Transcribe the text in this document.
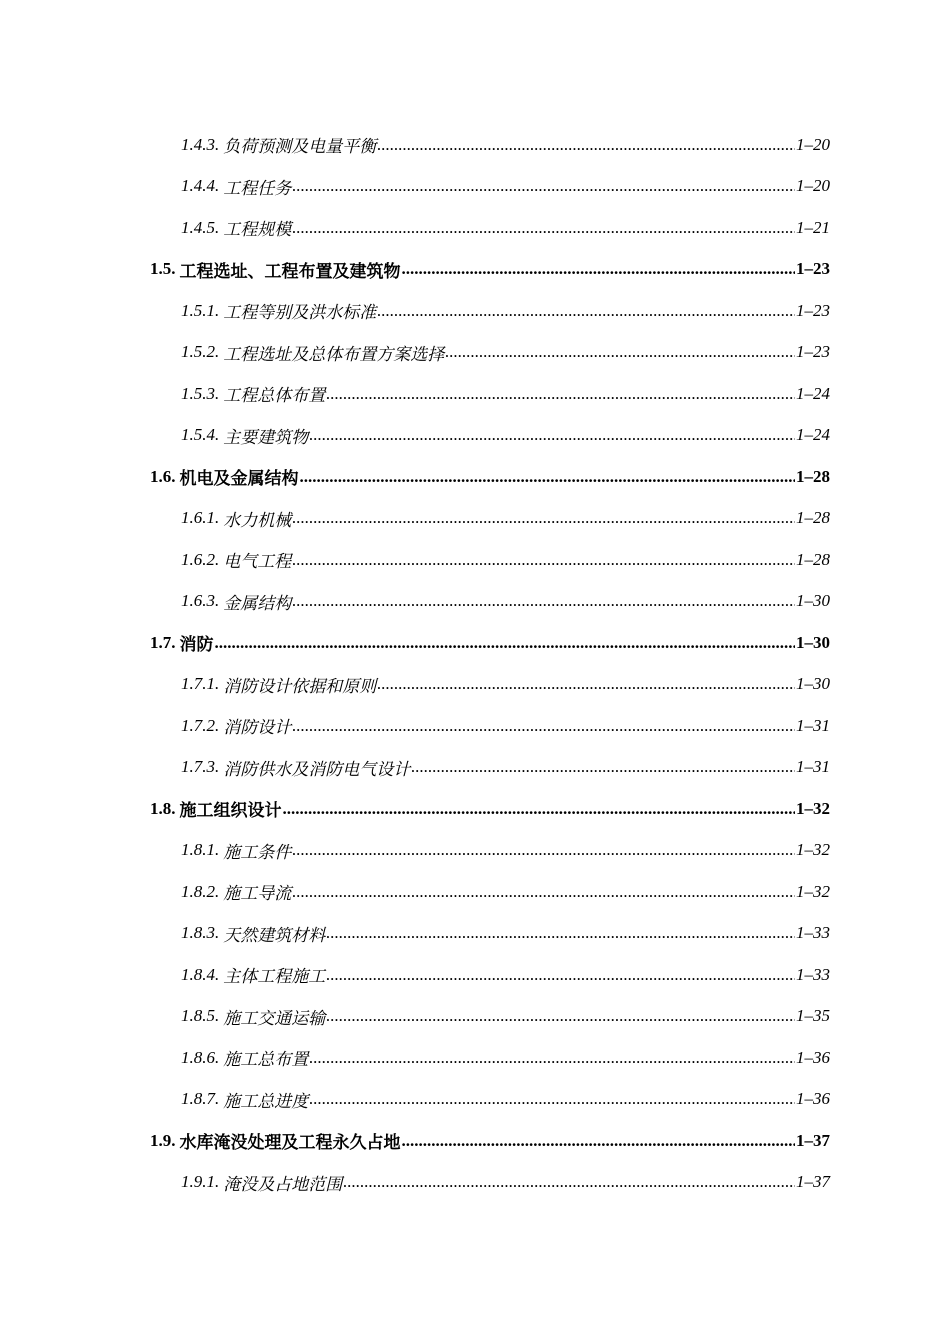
1.4.3. 负荷预测及电量平衡 .....	1–20
1.4.4. 工程任务 .....	1–20
1.4.5. 工程规模 .....	1–21
1.5. 工程选址、工程布置及建筑物 .....	1–23
1.5.1. 工程等别及洪水标准 .....	1–23
1.5.2. 工程选址及总体布置方案选择 .....	1–23
1.5.3. 工程总体布置 .....	1–24
1.5.4. 主要建筑物 .....	1–24
1.6. 机电及金属结构 .....	1–28
1.6.1. 水力机械 .....	1–28
1.6.2. 电气工程 .....	1–28
1.6.3. 金属结构 .....	1–30
1.7. 消防 .....	1–30
1.7.1. 消防设计依据和原则 .....	1–30
1.7.2. 消防设计 .....	1–31
1.7.3. 消防供水及消防电气设计 .....	1–31
1.8. 施工组织设计 .....	1–32
1.8.1. 施工条件 .....	1–32
1.8.2. 施工导流 .....	1–32
1.8.3. 天然建筑材料 .....	1–33
1.8.4. 主体工程施工 .....	1–33
1.8.5. 施工交通运输 .....	1–35
1.8.6. 施工总布置 .....	1–36
1.8.7. 施工总进度 .....	1–36
1.9. 水库淹没处理及工程永久占地 .....	1–37
1.9.1. 淹没及占地范围 .....	1–37
